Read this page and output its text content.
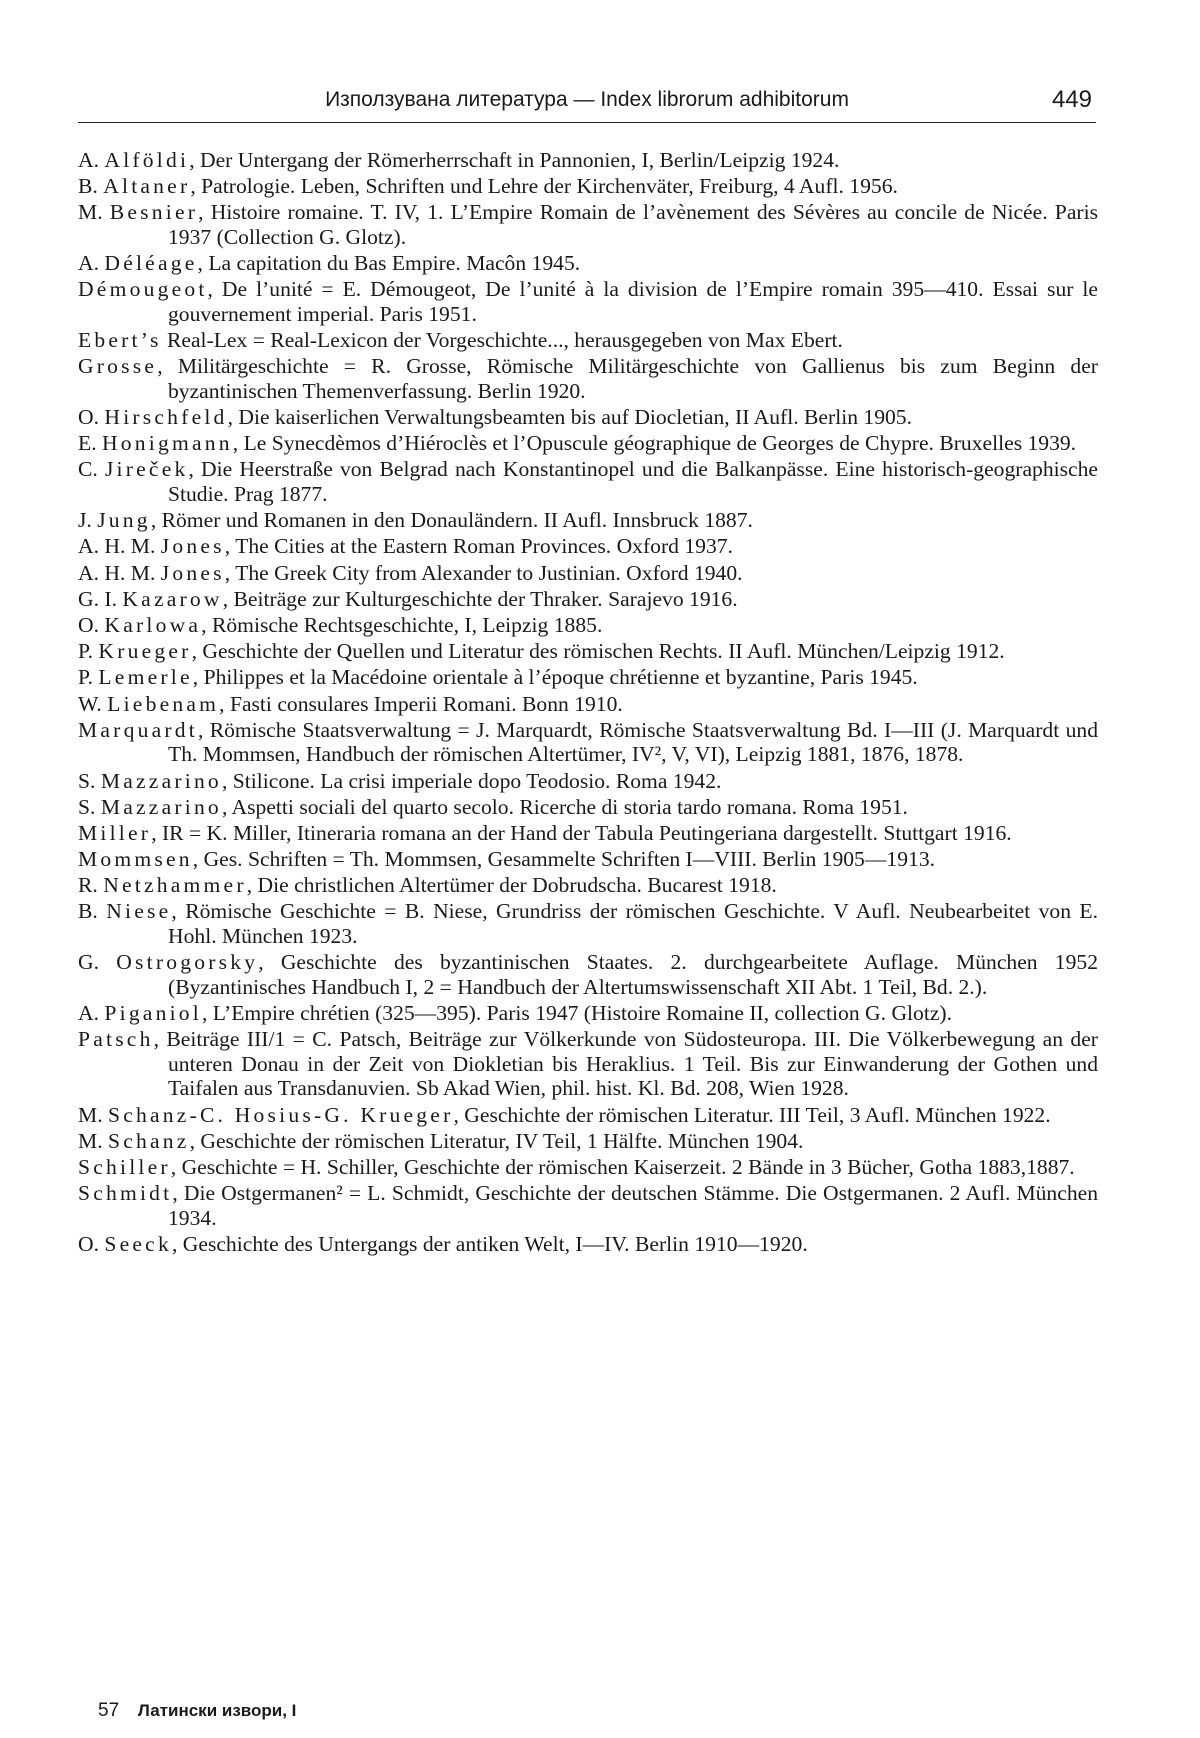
Използувана литература — Index librorum adhibitorum	449
A. Alföldi, Der Untergang der Römerherrschaft in Pannonien, I, Berlin/Leipzig 1924.
B. Altaner, Patrologie. Leben, Schriften und Lehre der Kirchenväter, Freiburg, 4 Aufl. 1956.
M. Besnier, Histoire romaine. T. IV, 1. L’Empire Romain de l’avènement des Sévères au concile de Nicée. Paris 1937 (Collection G. Glotz).
A. Déléage, La capitation du Bas Empire. Macôn 1945.
Démougeot, De l’unité = E. Démougeot, De l’unité à la division de l’Empire romain 395—410. Essai sur le gouvernement imperial. Paris 1951.
Ebert’s Real-Lex = Real-Lexicon der Vorgeschichte..., herausgegeben von Max Ebert.
Grosse, Militärgeschichte = R. Grosse, Römische Militärgeschichte von Gallienus bis zum Beginn der byzantinischen Themenverfassung. Berlin 1920.
O. Hirschfeld, Die kaiserlichen Verwaltungsbeamten bis auf Diocletian, II Aufl. Berlin 1905.
E. Honigmann, Le Synecdèmos d’Hiéroclès et l’Opuscule géographique de Georges de Chypre. Bruxelles 1939.
C. Jireček, Die Heerstraße von Belgrad nach Konstantinopel und die Balkanpässe. Eine historisch-geographische Studie. Prag 1877.
J. Jung, Römer und Romanen in den Donauländern. II Aufl. Innsbruck 1887.
A. H. M. Jones, The Cities at the Eastern Roman Provinces. Oxford 1937.
A. H. M. Jones, The Greek City from Alexander to Justinian. Oxford 1940.
G. I. Kazarow, Beiträge zur Kulturgeschichte der Thraker. Sarajevo 1916.
O. Karlowa, Römische Rechtsgeschichte, I, Leipzig 1885.
P. Krueger, Geschichte der Quellen und Literatur des römischen Rechts. II Aufl. München/Leipzig 1912.
P. Lemerle, Philippes et la Macédoine orientale à l’époque chrétienne et byzantine, Paris 1945.
W. Liebenam, Fasti consulares Imperii Romani. Bonn 1910.
Marquardt, Römische Staatsverwaltung = J. Marquardt, Römische Staatsverwaltung Bd. I—III (J. Marquardt und Th. Mommsen, Handbuch der römischen Altertümer, IV², V, VI), Leipzig 1881, 1876, 1878.
S. Mazzarino, Stilicone. La crisi imperiale dopo Teodosio. Roma 1942.
S. Mazzarino, Aspetti sociali del quarto secolo. Ricerche di storia tardo romana. Roma 1951.
Miller, IR = K. Miller, Itineraria romana an der Hand der Tabula Peutingeriana dargestellt. Stuttgart 1916.
Mommsen, Ges. Schriften = Th. Mommsen, Gesammelte Schriften I—VIII. Berlin 1905—1913.
R. Netzhammer, Die christlichen Altertümer der Dobrudscha. Bucarest 1918.
B. Niese, Römische Geschichte = B. Niese, Grundriss der römischen Geschichte. V Aufl. Neubearbeitet von E. Hohl. München 1923.
G. Ostrogorsky, Geschichte des byzantinischen Staates. 2. durchgearbeitete Auflage. München 1952 (Byzantinisches Handbuch I, 2 = Handbuch der Altertumswissenschaft XII Abt. 1 Teil, Bd. 2.).
A. Piganiol, L’Empire chrétien (325—395). Paris 1947 (Histoire Romaine II, collection G. Glotz).
Patsch, Beiträge III/1 = C. Patsch, Beiträge zur Völkerkunde von Südosteuropa. III. Die Völkerbewegung an der unteren Donau in der Zeit von Diokletian bis Heraklius. 1 Teil. Bis zur Einwanderung der Gothen und Taifalen aus Transdanuvien. Sb Akad Wien, phil. hist. Kl. Bd. 208, Wien 1928.
M. Schanz-C. Hosius-G. Krueger, Geschichte der römischen Literatur. III Teil, 3 Aufl. München 1922.
M. Schanz, Geschichte der römischen Literatur, IV Teil, 1 Hälfte. München 1904.
Schiller, Geschichte = H. Schiller, Geschichte der römischen Kaiserzeit. 2 Bände in 3 Bücher, Gotha 1883,1887.
Schmidt, Die Ostgermanen² = L. Schmidt, Geschichte der deutschen Stämme. Die Ostgermanen. 2 Aufl. München 1934.
O. Seeck, Geschichte des Untergangs der antiken Welt, I—IV. Berlin 1910—1920.
57 Латински извори, I
